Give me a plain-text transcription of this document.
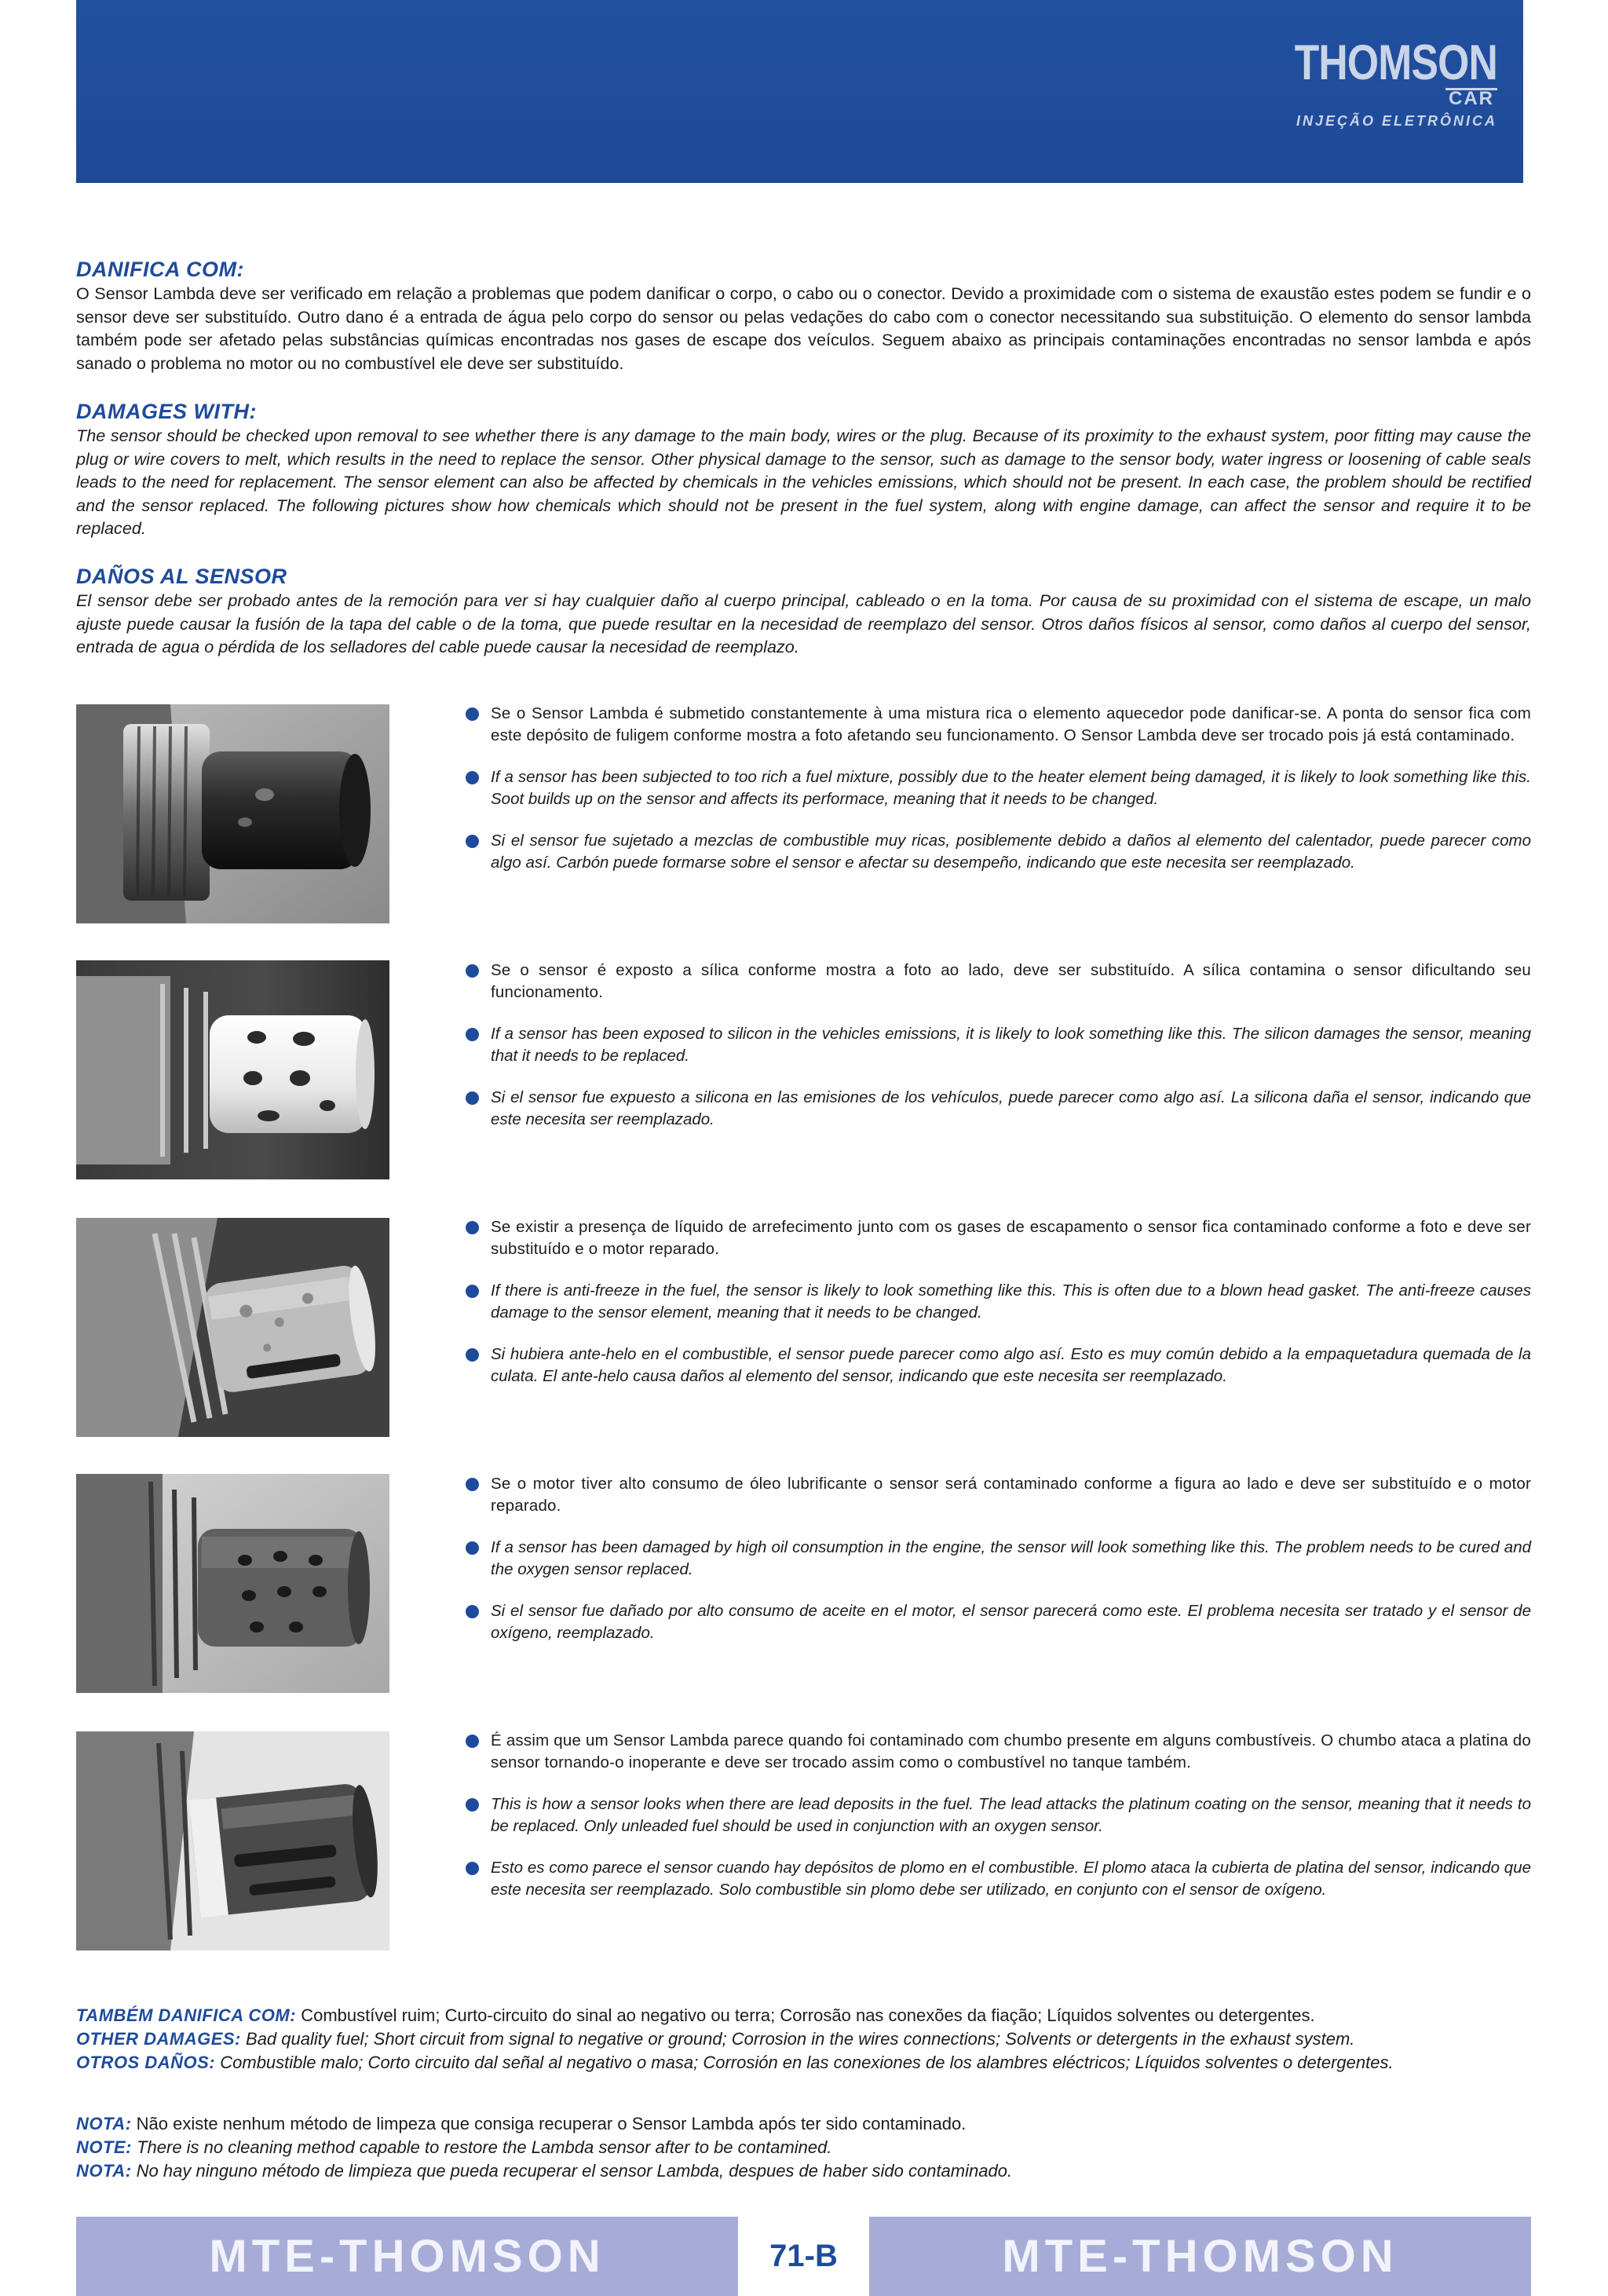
THOMSON
CAR
INJEÇÃO ELETRÔNICA
DANIFICA COM:

O Sensor Lambda deve ser verificado em relação a problemas que podem danificar o corpo, o cabo ou o conector. Devido a proximidade com o sistema de exaustão estes podem se fundir e o sensor deve ser substituído. Outro dano é a entrada de água pelo corpo do sensor ou pelas vedações do cabo com o conector necessitando sua substituição. O elemento do sensor lambda também pode ser afetado pelas substâncias químicas encontradas nos gases de escape dos veículos. Seguem abaixo as principais contaminações encontradas no sensor lambda e após sanado o problema no motor ou no combustível ele deve ser substituído.

DAMAGES WITH:

The sensor should be checked upon removal to see whether there is any damage to the main body, wires or the plug. Because of its proximity to the exhaust system, poor fitting may cause the plug or wire covers to melt, which results in the need to replace the sensor. Other physical damage to the sensor, such as damage to the sensor body, water ingress or loosening of cable seals leads to the need for replacement. The sensor element can also be affected by chemicals in the vehicles emissions, which should not be present. In each case, the problem should be rectified and the sensor replaced. The following pictures show how chemicals which should not be present in the fuel system, along with engine damage, can affect the sensor and require it to be replaced.

DAÑOS AL SENSOR

El sensor debe ser probado antes de la remoción para ver si hay cualquier daño al cuerpo principal, cableado o en la toma. Por causa de su proximidad con el sistema de escape, un malo ajuste puede causar la fusión de la tapa del cable o de la toma, que puede resultar en la necesidad de reemplazo del sensor. Otros daños físicos al sensor, como daños al cuerpo del sensor, entrada de agua o pérdida de los selladores del cable puede causar la necesidad de reemplazo.

Se o Sensor Lambda é submetido constantemente à uma mistura rica o elemento aquecedor pode danificar-se. A ponta do sensor fica com este depósito de fuligem conforme mostra a foto afetando seu funcionamento. O Sensor Lambda deve ser trocado pois já está contaminado.

If a sensor has been subjected to too rich a fuel mixture, possibly due to the heater element being damaged, it is likely to look something like this. Soot builds up on the sensor and affects its performace, meaning that it needs to be changed.

Si el sensor fue sujetado a mezclas de combustible muy ricas, posiblemente debido a daños al elemento del calentador, puede parecer como algo así. Carbón puede formarse sobre el sensor e afectar su desempeño, indicando que este necesita ser reemplazado.

Se o sensor é exposto a sílica conforme mostra a foto ao lado, deve ser substituído. A sílica contamina o sensor dificultando seu funcionamento.

If a sensor has been exposed to silicon in the vehicles emissions, it is likely to look something like this. The silicon damages the sensor, meaning that it needs to be replaced.

Si el sensor fue expuesto a silicona en las emisiones de los vehículos, puede parecer como algo así. La silicona daña el sensor, indicando que este necesita ser reemplazado.

Se existir a presença de líquido de arrefecimento junto com os gases de escapamento o sensor fica contaminado conforme a foto e deve ser substituído e o motor reparado.

If there is anti-freeze in the fuel, the sensor is likely to look something like this. This is often due to a blown head gasket. The anti-freeze causes damage to the sensor element, meaning that it needs to be changed.

Si hubiera ante-helo en el combustible, el sensor puede parecer como algo así. Esto es muy común debido a la empaquetadura quemada de la culata. El ante-helo causa daños al elemento del sensor, indicando que este necesita ser reemplazado.

Se o motor tiver alto consumo de óleo lubrificante o sensor será contaminado conforme a figura ao lado e deve ser substituído e o motor reparado.

If a sensor has been damaged by high oil consumption in the engine, the sensor will look something like this. The problem needs to be cured and the oxygen sensor replaced.

Si el sensor fue dañado por alto consumo de aceite en el motor, el sensor parecerá como este. El problema necesita ser tratado y el sensor de oxígeno, reemplazado.

É assim que um Sensor Lambda parece quando foi contaminado com chumbo presente em alguns combustíveis. O chumbo ataca a platina do sensor tornando-o inoperante e deve ser trocado assim como o combustível no tanque também.

This is how a sensor looks when there are lead deposits in the fuel. The lead attacks the platinum coating on the sensor, meaning that it needs to be replaced. Only unleaded fuel should be used in conjunction with an oxygen sensor.

Esto es como parece el sensor cuando hay depósitos de plomo en el combustible. El plomo ataca la cubierta de platina del sensor, indicando que este necesita ser reemplazado. Solo combustible sin plomo debe ser utilizado, en conjunto con el sensor de oxígeno.

TAMBÉM DANIFICA COM: Combustível ruim; Curto-circuito do sinal ao negativo ou terra; Corrosão nas conexões da fiação; Líquidos solventes ou detergentes.

OTHER DAMAGES: Bad quality fuel; Short circuit from signal to negative or ground; Corrosion in the wires connections; Solvents or detergents in the exhaust system.

OTROS DAÑOS: Combustible malo; Corto circuito dal señal al negativo o masa; Corrosión en las conexiones de los alambres eléctricos; Líquidos solventes o detergentes.

NOTA: Não existe nenhum método de limpeza que consiga recuperar o Sensor Lambda após ter sido contaminado.

NOTE: There is no cleaning method capable to restore the Lambda sensor after to be contamined.

NOTA: No hay ninguno método de limpieza que pueda recuperar el sensor Lambda, despues de haber sido contaminado.

MTE-THOMSON	71-B	MTE-THOMSON
